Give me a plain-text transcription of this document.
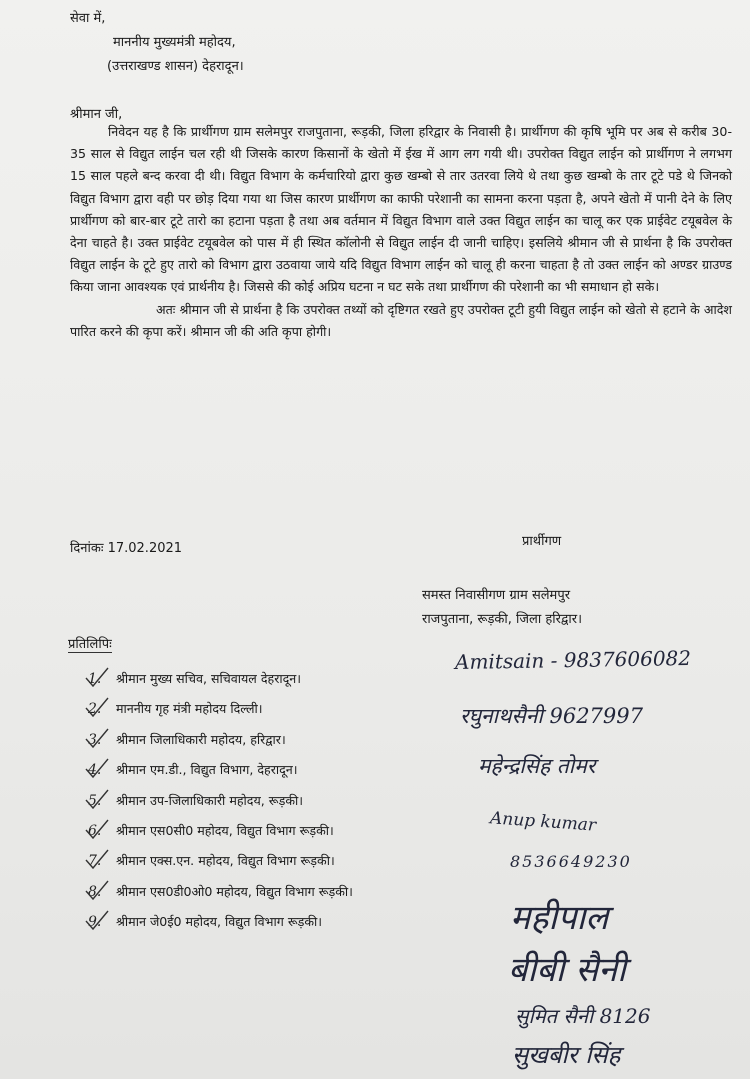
सेवा में,
माननीय मुख्यमंत्री महोदय,
(उत्तराखण्ड शासन) देहरादून।
श्रीमान जी,

निवेदन यह है कि प्रार्थीगण ग्राम सलेमपुर राजपुताना, रूड़की, जिला हरिद्वार के निवासी है। प्रार्थीगण की कृषि भूमि पर अब से करीब 30-35 साल से विद्युत लाईन चल रही थी जिसके कारण किसानों के खेतो में ईख में आग लग गयी थी। उपरोक्त विद्युत लाईन को प्रार्थीगण ने लगभग 15 साल पहले बन्द करवा दी थी। विद्युत विभाग के कर्मचारियो द्वारा कुछ खम्बो से तार उतरवा लिये थे तथा कुछ खम्बो के तार टूटे पडे थे जिनको विद्युत विभाग द्वारा वही पर छोड़ दिया गया था जिस कारण प्रार्थीगण का काफी परेशानी का सामना करना पड़ता है, अपने खेतो में पानी देने के लिए प्रार्थीगण को बार-बार टूटे तारो का हटाना पड़ता है तथा अब वर्तमान में विद्युत विभाग वाले उक्त विद्युत लाईन का चालू कर एक प्राईवेट टयूबवेल के देना चाहते है। उक्त प्राईवेट टयूबवेल को पास में ही स्थित कॉलोनी से विद्युत लाईन दी जानी चाहिए। इसलिये श्रीमान जी से प्रार्थना है कि उपरोक्त विद्युत लाईन के टूटे हुए तारो को विभाग द्वारा उठवाया जाये यदि विद्युत विभाग लाईन को चालू ही करना चाहता है तो उक्त लाईन को अण्डर ग्राउण्ड किया जाना आवश्यक एवं प्रार्थनीय है। जिससे की कोई अप्रिय घटना न घट सके तथा प्रार्थीगण की परेशानी का भी समाधान हो सके।

अतः श्रीमान जी से प्रार्थना है कि उपरोक्त तथ्यों को दृष्टिगत रखते हुए उपरोक्त टूटी हुयी विद्युत लाईन को खेतो से हटाने के आदेश पारित करने की कृपा करें। श्रीमान जी की अति कृपा होगी।

दिनांकः 17.02.2021	प्रार्थीगण
समस्त निवासीगण ग्राम सलेमपुर
राजपुताना, रूड़की, जिला हरिद्वार।
प्रतिलिपिः
1. श्रीमान मुख्य सचिव, सचिवायल देहरादून।
2. माननीय गृह मंत्री महोदय दिल्ली।
3. श्रीमान जिलाधिकारी महोदय, हरिद्वार।
4. श्रीमान एम.डी., विद्युत विभाग, देहरादून।
5. श्रीमान उप-जिलाधिकारी महोदय, रूड़की।
6. श्रीमान एस0सी0 महोदय, विद्युत विभाग रूड़की।
7. श्रीमान एक्स.एन. महोदय, विद्युत विभाग रूड़की।
8. श्रीमान एस0डी0ओ0 महोदय, विद्युत विभाग रूड़की।
9. श्रीमान जे0ई0 महोदय, विद्युत विभाग रूड़की।
Amitsain - 9837606082
रघुनाथसैनी 9627997
महेन्द्रसिंह तोमर
Anup kumar
8536649230
महीपाल
बीबी सैनी
सुमित सैनी 8126
सुखबीर सिंह
